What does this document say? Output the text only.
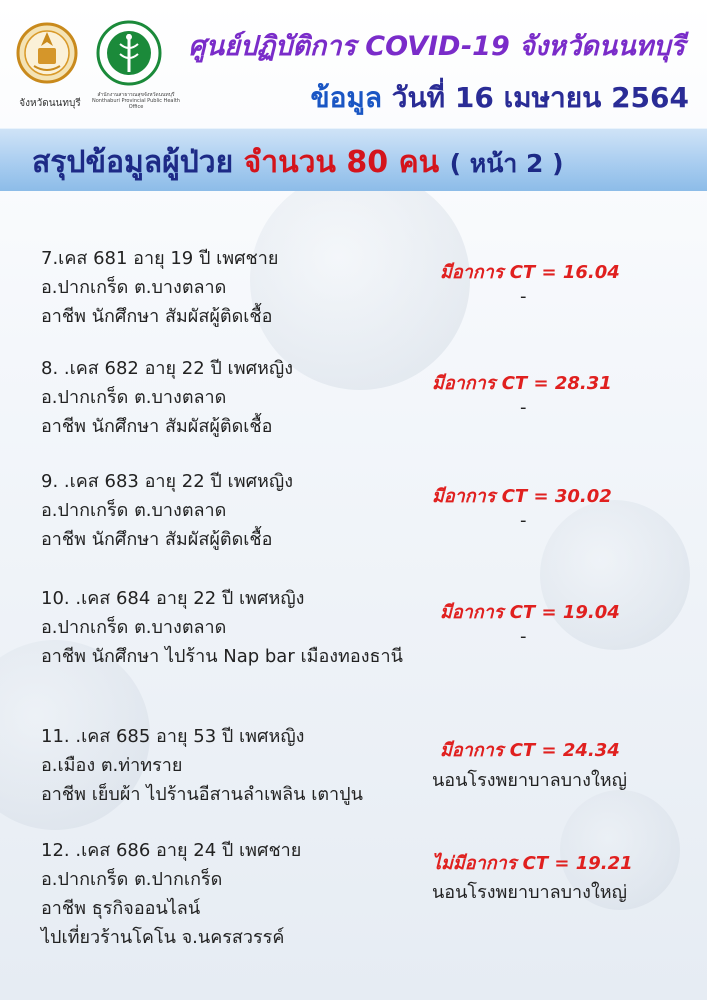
จังหวัดนนทบุรี
สำนักงานสาธารณสุขจังหวัดนนทบุรี Nonthaburi Provincial Public Health Office
ศูนย์ปฏิบัติการ COVID-19 จังหวัดนนทบุรี
ข้อมูล วันที่ 16 เมษายน 2564
สรุปข้อมูลผู้ป่วย จำนวน 80 คน ( หน้า 2 )
7.เคส 681 อายุ 19 ปี เพศชาย
อ.ปากเกร็ด ต.บางตลาด
อาชีพ นักศึกษา สัมผัสผู้ติดเชื้อ
มีอาการ CT = 16.04
-
8. .เคส 682 อายุ 22 ปี เพศหญิง
อ.ปากเกร็ด ต.บางตลาด
อาชีพ นักศึกษา สัมผัสผู้ติดเชื้อ
มีอาการ CT = 28.31
-
9. .เคส 683 อายุ 22 ปี เพศหญิง
อ.ปากเกร็ด ต.บางตลาด
อาชีพ นักศึกษา สัมผัสผู้ติดเชื้อ
มีอาการ CT = 30.02
-
10. .เคส 684 อายุ 22 ปี เพศหญิง
อ.ปากเกร็ด ต.บางตลาด
อาชีพ นักศึกษา ไปร้าน Nap bar เมืองทองธานี
มีอาการ CT = 19.04
-
11. .เคส 685 อายุ 53 ปี เพศหญิง
อ.เมือง ต.ท่าทราย
อาชีพ เย็บผ้า ไปร้านอีสานลำเพลิน เตาปูน
มีอาการ CT = 24.34
นอนโรงพยาบาลบางใหญ่
12. .เคส 686 อายุ 24 ปี เพศชาย
อ.ปากเกร็ด ต.ปากเกร็ด
อาชีพ ธุรกิจออนไลน์
ไปเที่ยวร้านโคโน จ.นครสวรรค์
ไม่มีอาการ CT = 19.21
นอนโรงพยาบาลบางใหญ่
